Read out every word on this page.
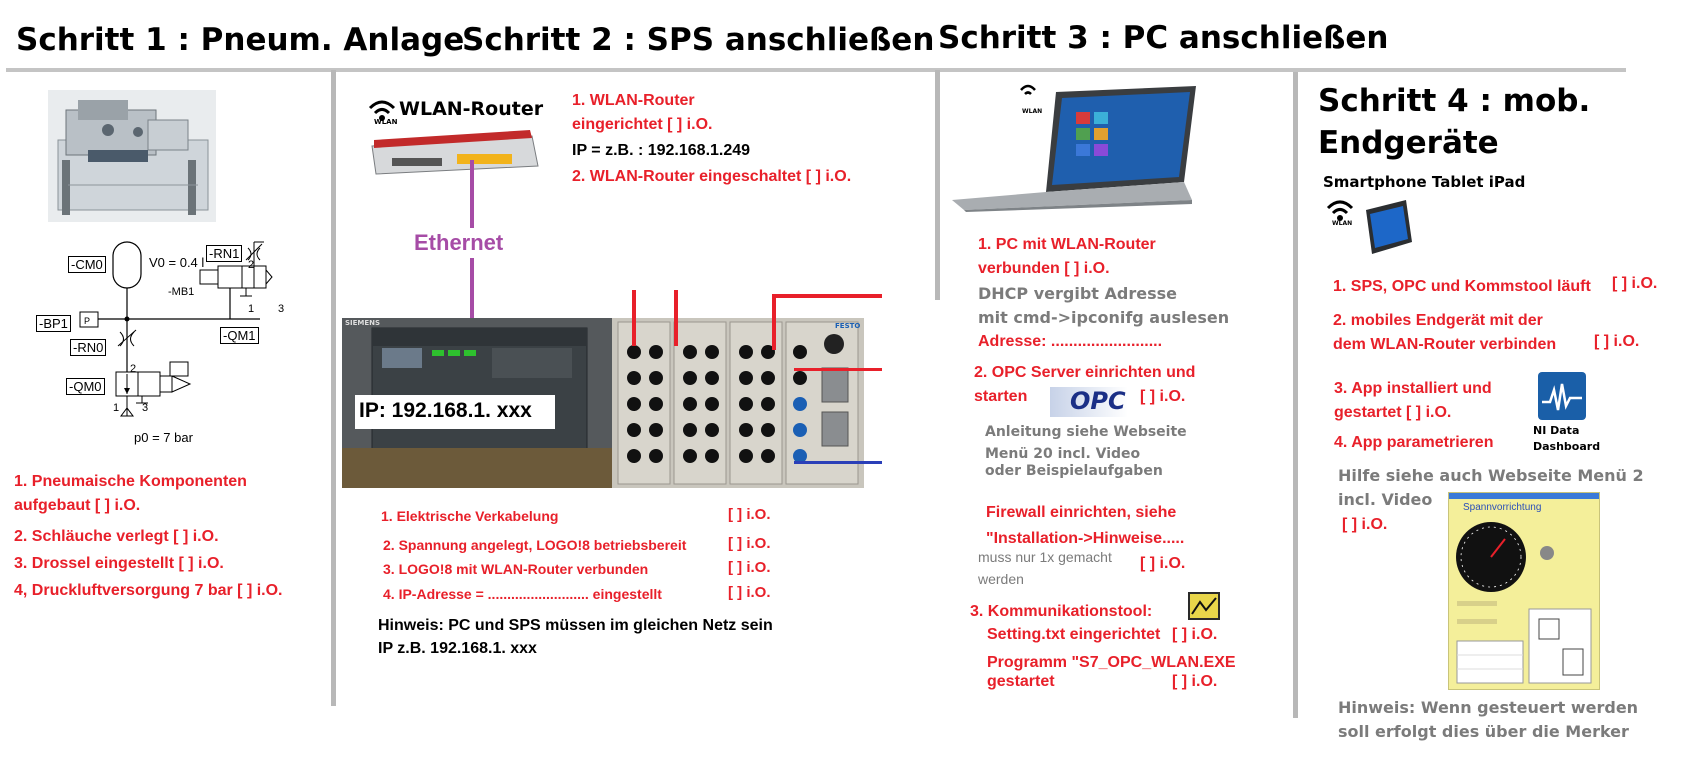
Schritt 1 : Pneum. Anlage
Schritt 2 : SPS anschließen Schritt 3 : PC anschließen
Schritt 4 : mob.
Endgeräte
-CM0	V0 = 0.4 l
-RN1
-MB1
2
1 3
-BP1	P
-RN0
-QM1
-QM0
2
1 3
p0 = 7 bar
1. Pneumaische Komponenten
aufgebaut [ ] i.O.
2. Schläuche verlegt [ ] i.O.
3. Drossel eingestellt [ ] i.O.
4, Druckluftversorgung 7 bar [ ] i.O.
WLAN-Router
WLAN
Ethernet
1. WLAN-Router
eingerichtet [ ] i.O.
IP = z.B. : 192.168.1.249
2. WLAN-Router eingeschaltet [ ] i.O.
SIEMENS	FESTO
IP: 192.168.1. xxx
1. Elektrische Verkabelung	[ ] i.O.
2. Spannung angelegt, LOGO!8 betriebsbereit	[ ] i.O.
3. LOGO!8 mit WLAN-Router verbunden	[ ] i.O.
4. IP-Adresse = .......................... eingestellt	[ ] i.O.
Hinweis: PC und SPS müssen im gleichen Netz sein
IP z.B. 192.168.1. xxx
WLAN
1. PC mit WLAN-Router
verbunden [ ] i.O.
DHCP vergibt Adresse
mit cmd->ipconifg auslesen
Adresse: .........................
2. OPC Server einrichten und
starten OPC [ ] i.O.
Anleitung siehe Webseite
Menü 20 incl. Video
oder Beispielaufgaben
Firewall einrichten, siehe
"Installation->Hinweise.....
muss nur 1x gemacht
werden
[ ] i.O.
3. Kommunikationstool:
Setting.txt eingerichtet [ ] i.O.
Programm "S7_OPC_WLAN.EXE
gestartet	[ ] i.O.
Smartphone Tablet iPad
WLAN
1. SPS, OPC und Kommstool läuft [ ] i.O.
2. mobiles Endgerät mit der
dem WLAN-Router verbinden [ ] i.O.
3. App installiert und
gestartet [ ] i.O.
4. App parametrieren
NI Data
Dashboard
Hilfe siehe auch Webseite Menü 2
incl. Video
[ ] i.O.
Spannvorrichtung
Hinweis: Wenn gesteuert werden
soll erfolgt dies über die Merker
